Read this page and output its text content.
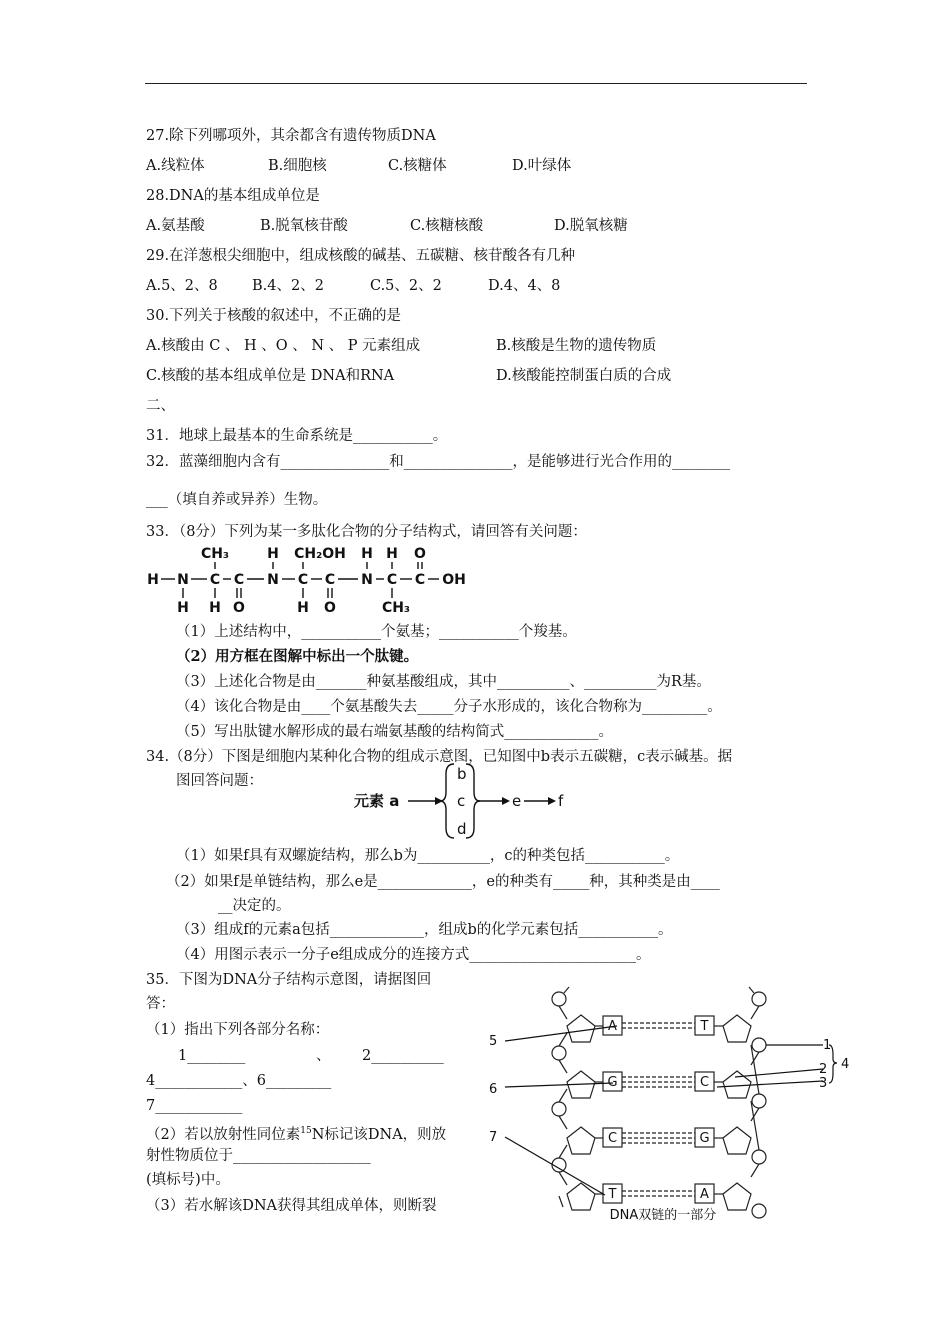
27.除下列哪项外，其余都含有遗传物质DNA
A.线粒体	B.细胞核	C.核糖体	D.叶绿体
28.DNA的基本组成单位是
A.氨基酸	B.脱氧核苷酸	C.核糖核酸	D.脱氧核糖
29.在洋葱根尖细胞中，组成核酸的碱基、五碳糖、核苷酸各有几种
A.5、2、8 B.4、2、2	C.5、2、2	D.4、4、8
30.下列关于核酸的叙述中，不正确的是
A.核酸由 C 、 H 、O 、 N 、 P 元素组成	B.核酸是生物的遗传物质
C.核酸的基本组成单位是 DNA和RNA	D.核酸能控制蛋白质的合成
二、
31．地球上最基本的生命系统是___________。
32．蓝藻细胞内含有_______________和_______________，是能够进行光合作用的________
___（填自养或异养）生物。
33．（8分）下列为某一多肽化合物的分子结构式，请回答有关问题：
CH₃	H CH₂OH H H O
H N C C N C C N C C OH
H H O	H O	CH₃
（1）上述结构中，___________个氨基；___________个羧基。
（2）用方框在图解中标出一个肽键。
（3）上述化合物是由_______种氨基酸组成，其中__________、__________为R基。
（4）该化合物是由____个氨基酸失去_____分子水形成的，该化合物称为_________。
（5）写出肽键水解形成的最右端氨基酸的结构简式_____________。
34.（8分）下图是细胞内某种化合物的组成示意图，已知图中b表示五碳糖，c表示碱基。据
图回答问题：
元素 a
b
c
d
e f
（1）如果f具有双螺旋结构，那么b为__________，c的种类包括___________。
（2）如果f是单链结构，那么e是_____________，e的种类有_____种，其种类是由____
__决定的。
（3）组成f的元素a包括_____________，组成b的化学元素包括___________。
（4）用图示表示一分子e组成成分的连接方式_______________________。
35．下图为DNA分子结构示意图，请据图回
答：
（1）指出下列各部分名称：
1________	、 2__________
4____________、6_________
7____________
（2）若以放射性同位素$^{15}$N标记该DNA，则放
射性物质位于___________________
(填标号)中。
（3）若水解该DNA获得其组成单体，则断裂
A
G
C
T
T
C
G
A
5
6
7
1
2
3
4
DNA双链的一部分
